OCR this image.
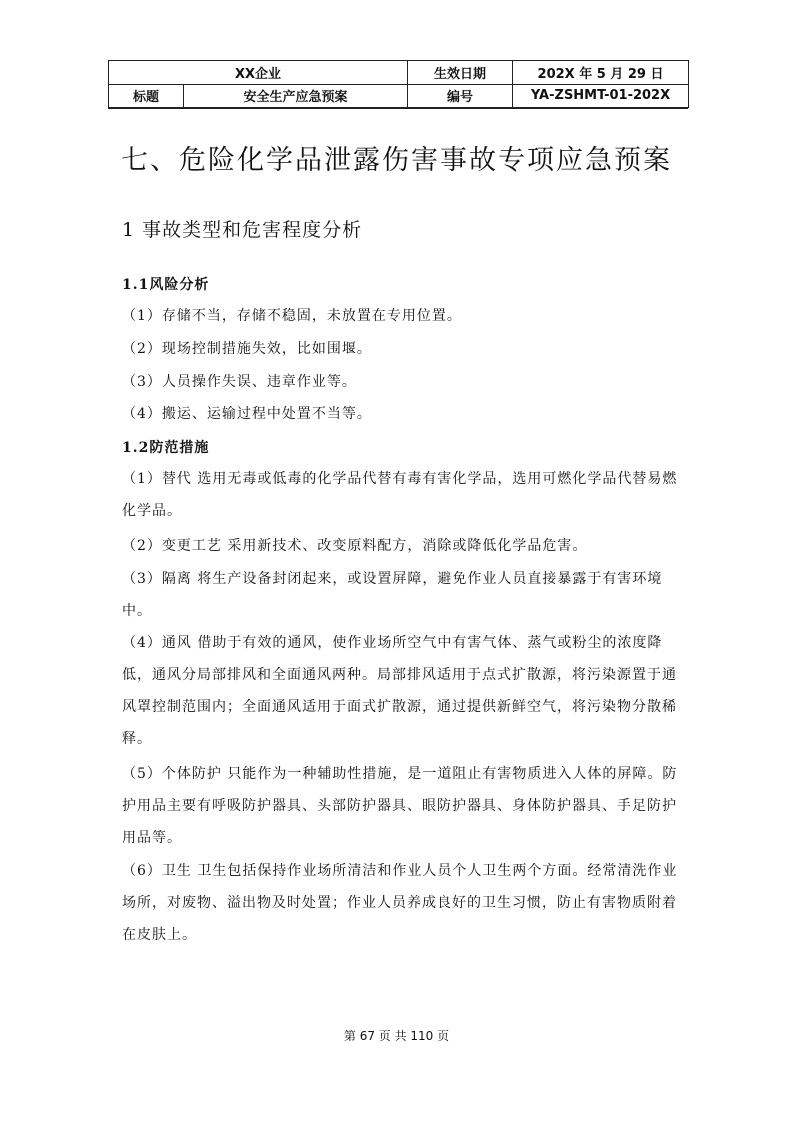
XX企业		生效日期	202X 年 5 月 29 日
标题	安全生产应急预案	编号	YA-ZSHMT-01-202X
七、危险化学品泄露伤害事故专项应急预案
1 事故类型和危害程度分析
1.1风险分析

（1）存储不当，存储不稳固，未放置在专用位置。

（2）现场控制措施失效，比如围堰。

（3）人员操作失误、违章作业等。

（4）搬运、运输过程中处置不当等。

1.2防范措施

（1）替代 选用无毒或低毒的化学品代替有毒有害化学品，选用可燃化学品代替易燃化学品。

（2）变更工艺 采用新技术、改变原料配方，消除或降低化学品危害。

（3）隔离 将生产设备封闭起来，或设置屏障，避免作业人员直接暴露于有害环境中。

（4）通风 借助于有效的通风，使作业场所空气中有害气体、蒸气或粉尘的浓度降低，通风分局部排风和全面通风两种。局部排风适用于点式扩散源，将污染源置于通风罩控制范围内；全面通风适用于面式扩散源，通过提供新鲜空气，将污染物分散稀释。

（5）个体防护 只能作为一种辅助性措施，是一道阻止有害物质进入人体的屏障。防护用品主要有呼吸防护器具、头部防护器具、眼防护器具、身体防护器具、手足防护用品等。

（6）卫生 卫生包括保持作业场所清洁和作业人员个人卫生两个方面。经常清洗作业场所，对废物、溢出物及时处置；作业人员养成良好的卫生习惯，防止有害物质附着在皮肤上。

第 67 页 共 110 页
